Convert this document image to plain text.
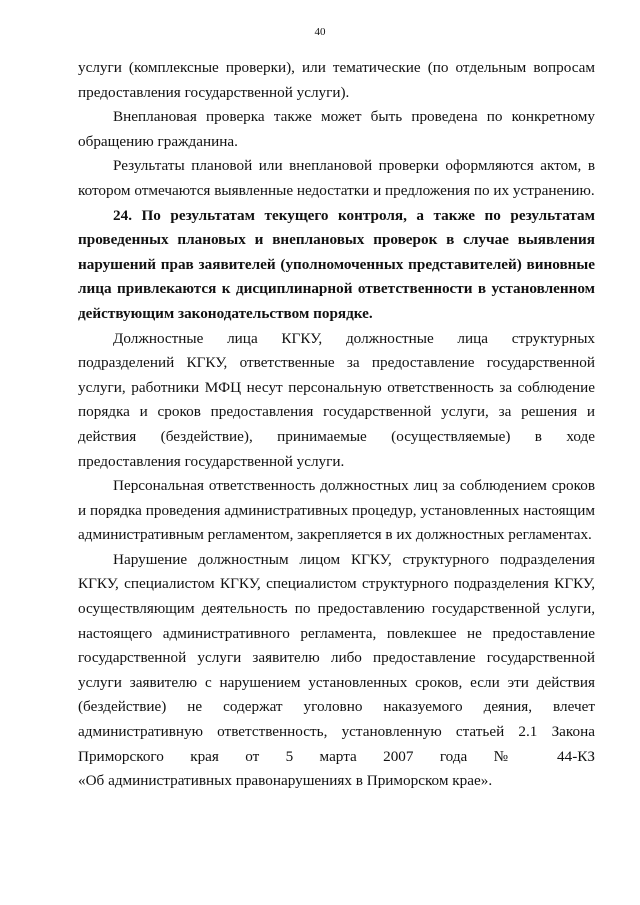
40

услуги (комплексные проверки), или тематические (по отдельным вопросам предоставления государственной услуги).

Внеплановая проверка также может быть проведена по конкретному обращению гражданина.

Результаты плановой или внеплановой проверки оформляются актом, в котором отмечаются выявленные недостатки и предложения по их устранению.

24. По результатам текущего контроля, а также по результатам проведенных плановых и внеплановых проверок в случае выявления нарушений прав заявителей (уполномоченных представителей) виновные лица привлекаются к дисциплинарной ответственности в установленном действующим законодательством порядке.

Должностные лица КГКУ, должностные лица структурных подразделений КГКУ, ответственные за предоставление государственной услуги, работники МФЦ несут персональную ответственность за соблюдение порядка и сроков предоставления государственной услуги, за решения и действия (бездействие), принимаемые (осуществляемые) в ходе предоставления государственной услуги.

Персональная ответственность должностных лиц за соблюдением сроков и порядка проведения административных процедур, установленных настоящим административным регламентом, закрепляется в их должностных регламентах.

Нарушение должностным лицом КГКУ, структурного подразделения КГКУ, специалистом КГКУ, специалистом структурного подразделения КГКУ, осуществляющим деятельность по предоставлению государственной услуги, настоящего административного регламента, повлекшее не предоставление государственной услуги заявителю либо предоставление государственной услуги заявителю с нарушением установленных сроков, если эти действия (бездействие) не содержат уголовно наказуемого деяния, влечет административную ответственность, установленную статьей 2.1 Закона Приморского края от 5 марта 2007 года № 44-КЗ

«Об административных правонарушениях в Приморском крае».
